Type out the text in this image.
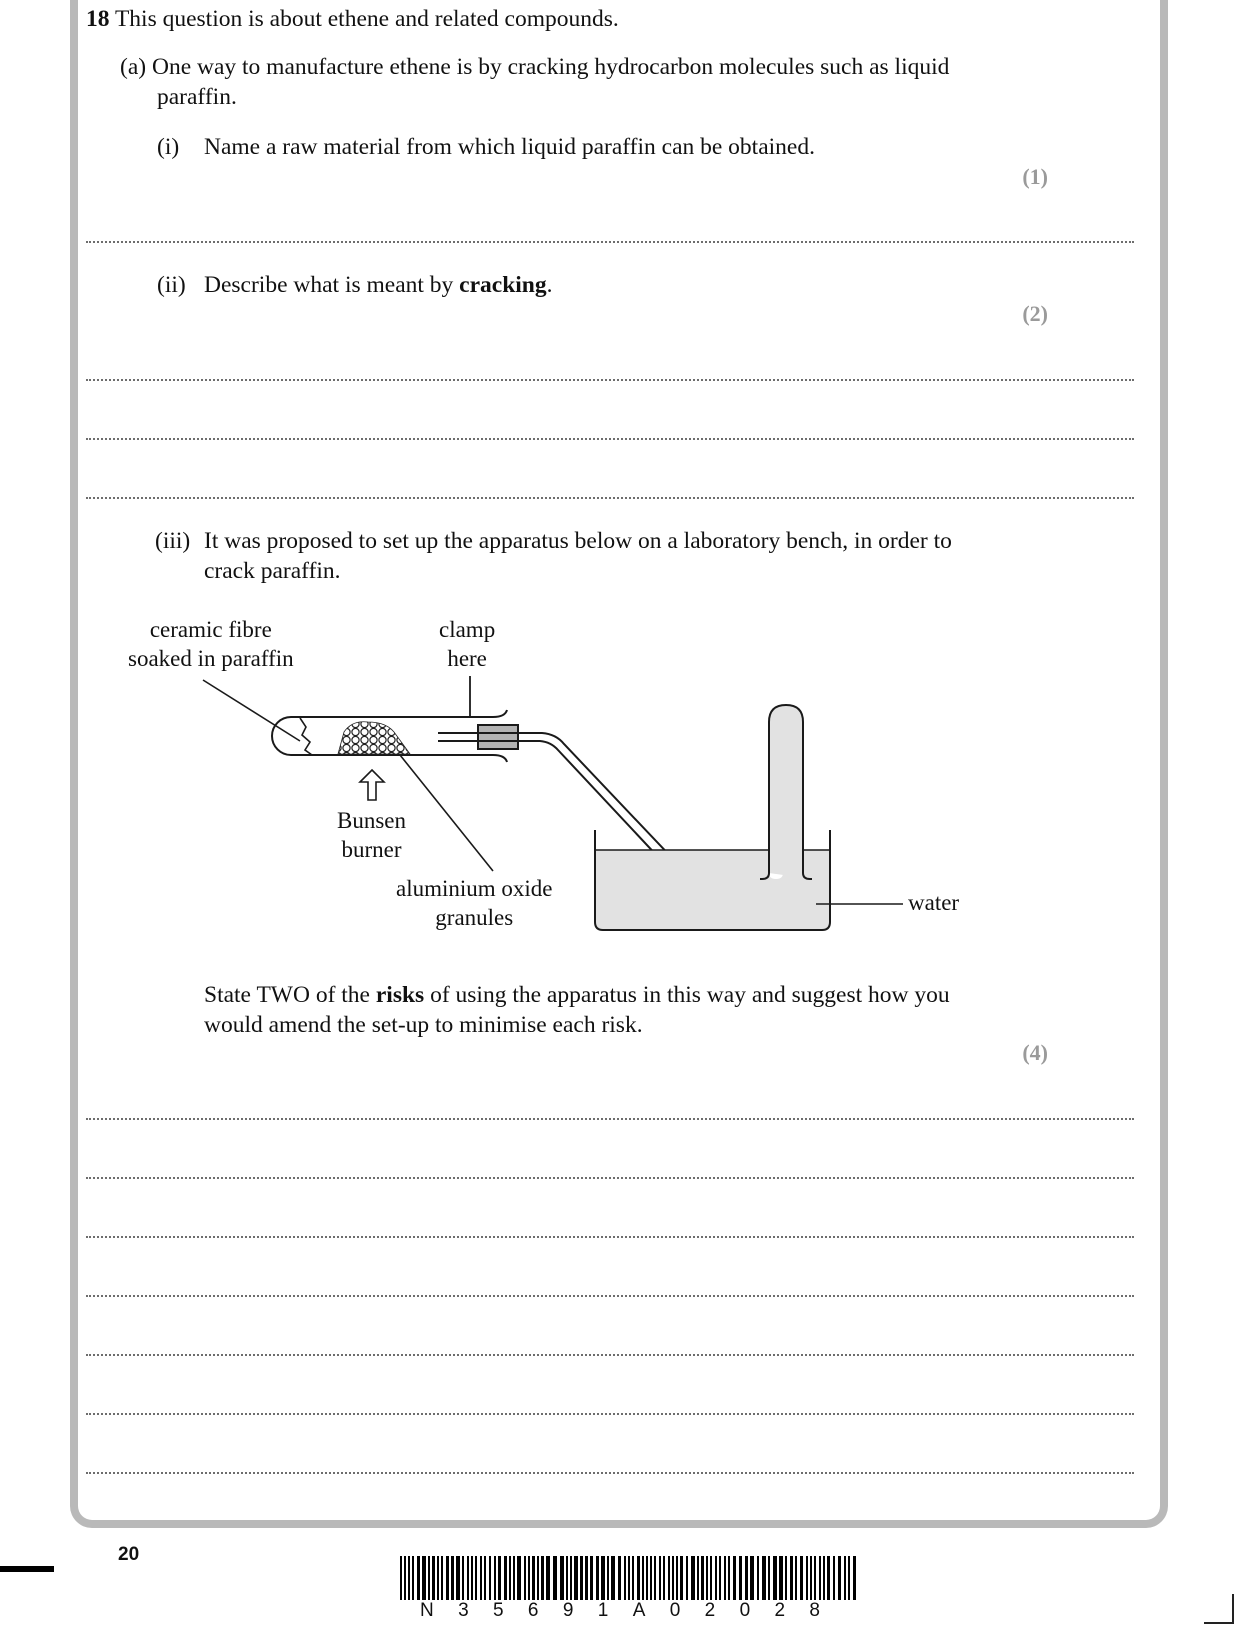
18 This question is about ethene and related compounds.
(a) One way to manufacture ethene is by cracking hydrocarbon molecules such as liquid
paraffin.
(i) Name a raw material from which liquid paraffin can be obtained.
(1)
(ii) Describe what is meant by cracking.
(2)
(iii) It was proposed to set up the apparatus below on a laboratory bench, in order to
crack paraffin.
ceramic fibre
soaked in paraffin
clamp
here
Bunsen
burner
aluminium oxide
granules
water
State TWO of the risks of using the apparatus in this way and suggest how you
would amend the set-up to minimise each risk.
(4)
20
N 3 5 6 9 1 A 0 2 0 2 8
